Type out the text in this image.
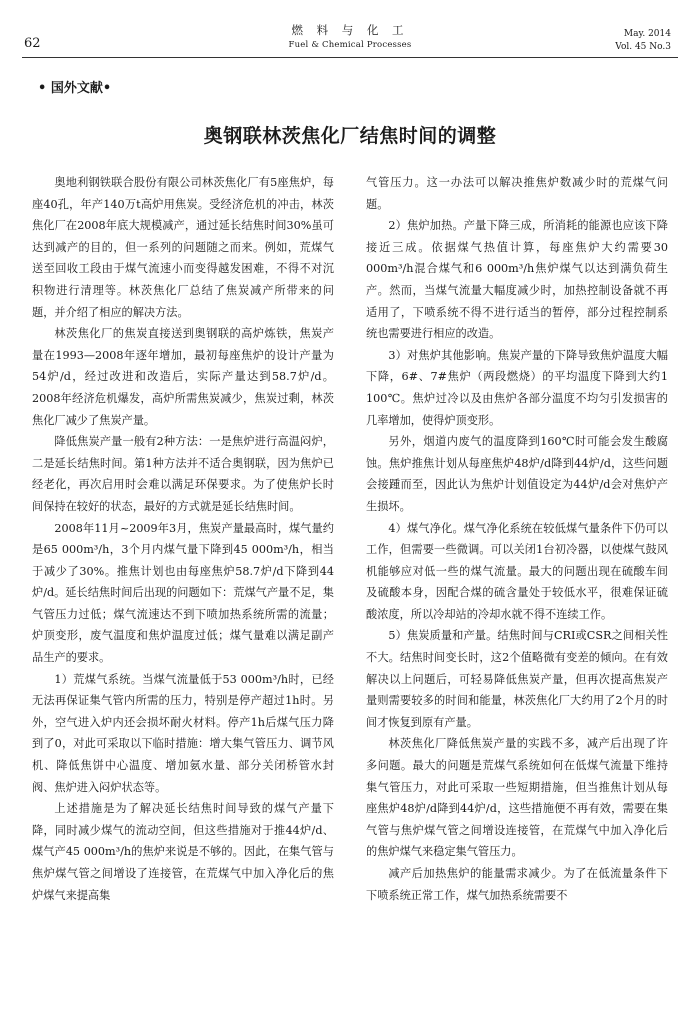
62
燃 料 与 化 工
Fuel & Chemical Processes
May. 2014
Vol. 45 No.3
• 国外文献•
奥钢联林茨焦化厂结焦时间的调整

奥地利钢铁联合股份有限公司林茨焦化厂有5座焦炉，每座40孔，年产140万t高炉用焦炭。受经济危机的冲击，林茨焦化厂在2008年底大规模减产，通过延长结焦时间30%虽可达到减产的目的，但一系列的问题随之而来。例如，荒煤气送至回收工段由于煤气流速小而变得越发困难，不得不对沉积物进行清理等。林茨焦化厂总结了焦炭减产所带来的问题，并介绍了相应的解决方法。

林茨焦化厂的焦炭直接送到奥钢联的高炉炼铁，焦炭产量在1993—2008年逐年增加，最初每座焦炉的设计产量为54炉/d，经过改进和改造后，实际产量达到58.7炉/d。2008年经济危机爆发，高炉所需焦炭减少，焦炭过剩，林茨焦化厂减少了焦炭产量。

降低焦炭产量一般有2种方法：一是焦炉进行高温闷炉，二是延长结焦时间。第1种方法并不适合奥钢联，因为焦炉已经老化，再次启用时会难以满足环保要求。为了使焦炉长时间保持在较好的状态，最好的方式就是延长结焦时间。

2008年11月~2009年3月，焦炭产量最高时，煤气量约是65 000m³/h，3个月内煤气量下降到45 000m³/h，相当于减少了30%。推焦计划也由每座焦炉58.7炉/d下降到44炉/d。延长结焦时间后出现的问题如下：荒煤气产量不足，集气管压力过低；煤气流速达不到下喷加热系统所需的流量；炉顶变形，废气温度和焦炉温度过低；煤气量难以满足副产品生产的要求。

1）荒煤气系统。当煤气流量低于53 000m³/h时，已经无法再保证集气管内所需的压力，特别是停产超过1h时。另外，空气进入炉内还会损坏耐火材料。停产1h后煤气压力降到了0，对此可采取以下临时措施：增大集气管压力、调节风机、降低焦饼中心温度、增加氨水量、部分关闭桥管水封阀、焦炉进入闷炉状态等。

上述措施是为了解决延长结焦时间导致的煤气产量下降，同时减少煤气的流动空间，但这些措施对于推44炉/d、煤气产45 000m³/h的焦炉来说是不够的。因此，在集气管与焦炉煤气管之间增设了连接管，在荒煤气中加入净化后的焦炉煤气来提高集

气管压力。这一办法可以解决推焦炉数减少时的荒煤气问题。

2）焦炉加热。产量下降三成，所消耗的能源也应该下降接近三成。依据煤气热值计算，每座焦炉大约需要30 000m³/h混合煤气和6 000m³/h焦炉煤气以达到满负荷生产。然而，当煤气流量大幅度减少时，加热控制设备就不再适用了，下喷系统不得不进行适当的暂停，部分过程控制系统也需要进行相应的改造。

3）对焦炉其他影响。焦炭产量的下降导致焦炉温度大幅下降，6#、7#焦炉（两段燃烧）的平均温度下降到大约1 100℃。焦炉过冷以及由焦炉各部分温度不均匀引发损害的几率增加，使得炉顶变形。

另外，烟道内废气的温度降到160℃时可能会发生酸腐蚀。焦炉推焦计划从每座焦炉48炉/d降到44炉/d，这些问题会接踵而至，因此认为焦炉计划值设定为44炉/d会对焦炉产生损坏。

4）煤气净化。煤气净化系统在较低煤气量条件下仍可以工作，但需要一些微调。可以关闭1台初冷器，以使煤气鼓风机能够应对低一些的煤气流量。最大的问题出现在硫酸车间及硫酸本身，因配合煤的硫含量处于较低水平，很难保证硫酸浓度，所以冷却站的冷却水就不得不连续工作。

5）焦炭质量和产量。结焦时间与CRI或CSR之间相关性不大。结焦时间变长时，这2个值略微有变差的倾向。在有效解决以上问题后，可轻易降低焦炭产量，但再次提高焦炭产量则需要较多的时间和能量，林茨焦化厂大约用了2个月的时间才恢复到原有产量。

林茨焦化厂降低焦炭产量的实践不多，减产后出现了许多问题。最大的问题是荒煤气系统如何在低煤气流量下维持集气管压力，对此可采取一些短期措施，但当推焦计划从每座焦炉48炉/d降到44炉/d，这些措施便不再有效，需要在集气管与焦炉煤气管之间增设连接管，在荒煤气中加入净化后的焦炉煤气来稳定集气管压力。

减产后加热焦炉的能量需求减少。为了在低流量条件下下喷系统正常工作，煤气加热系统需要不
